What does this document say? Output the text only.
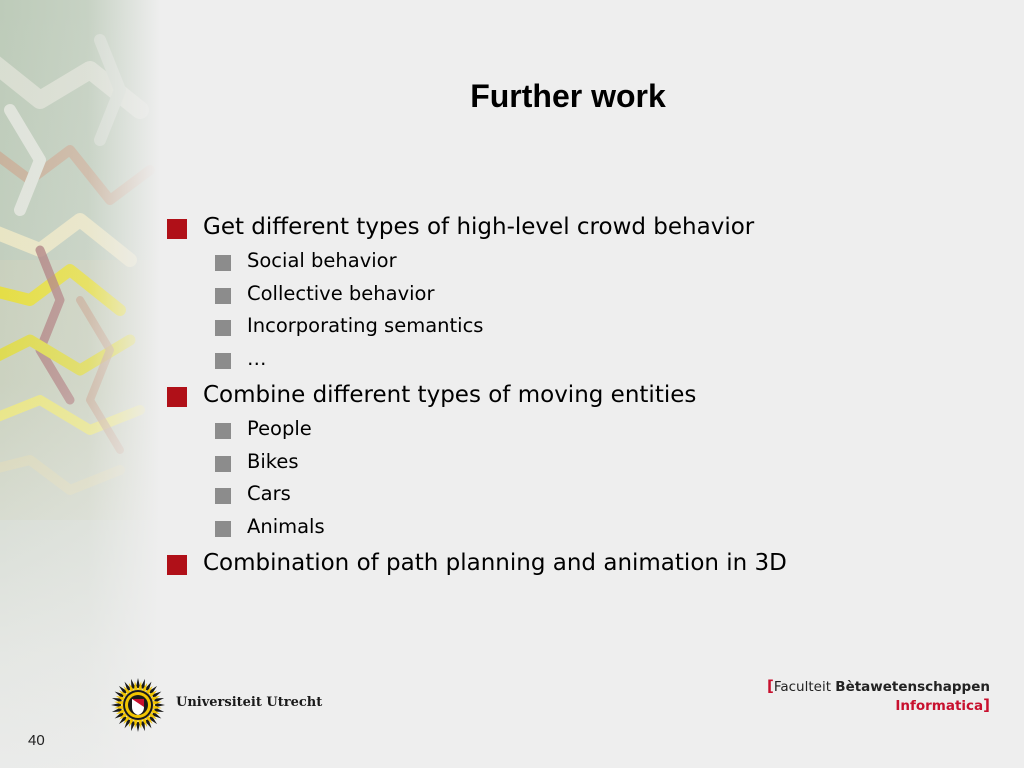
Further work
Get different types of high-level crowd behavior
Social behavior
Collective behavior
Incorporating semantics
…
Combine different types of moving entities
People
Bikes
Cars
Animals
Combination of path planning and animation in 3D
Universiteit Utrecht
[Faculteit Bètawetenschappen
Informatica]
40
